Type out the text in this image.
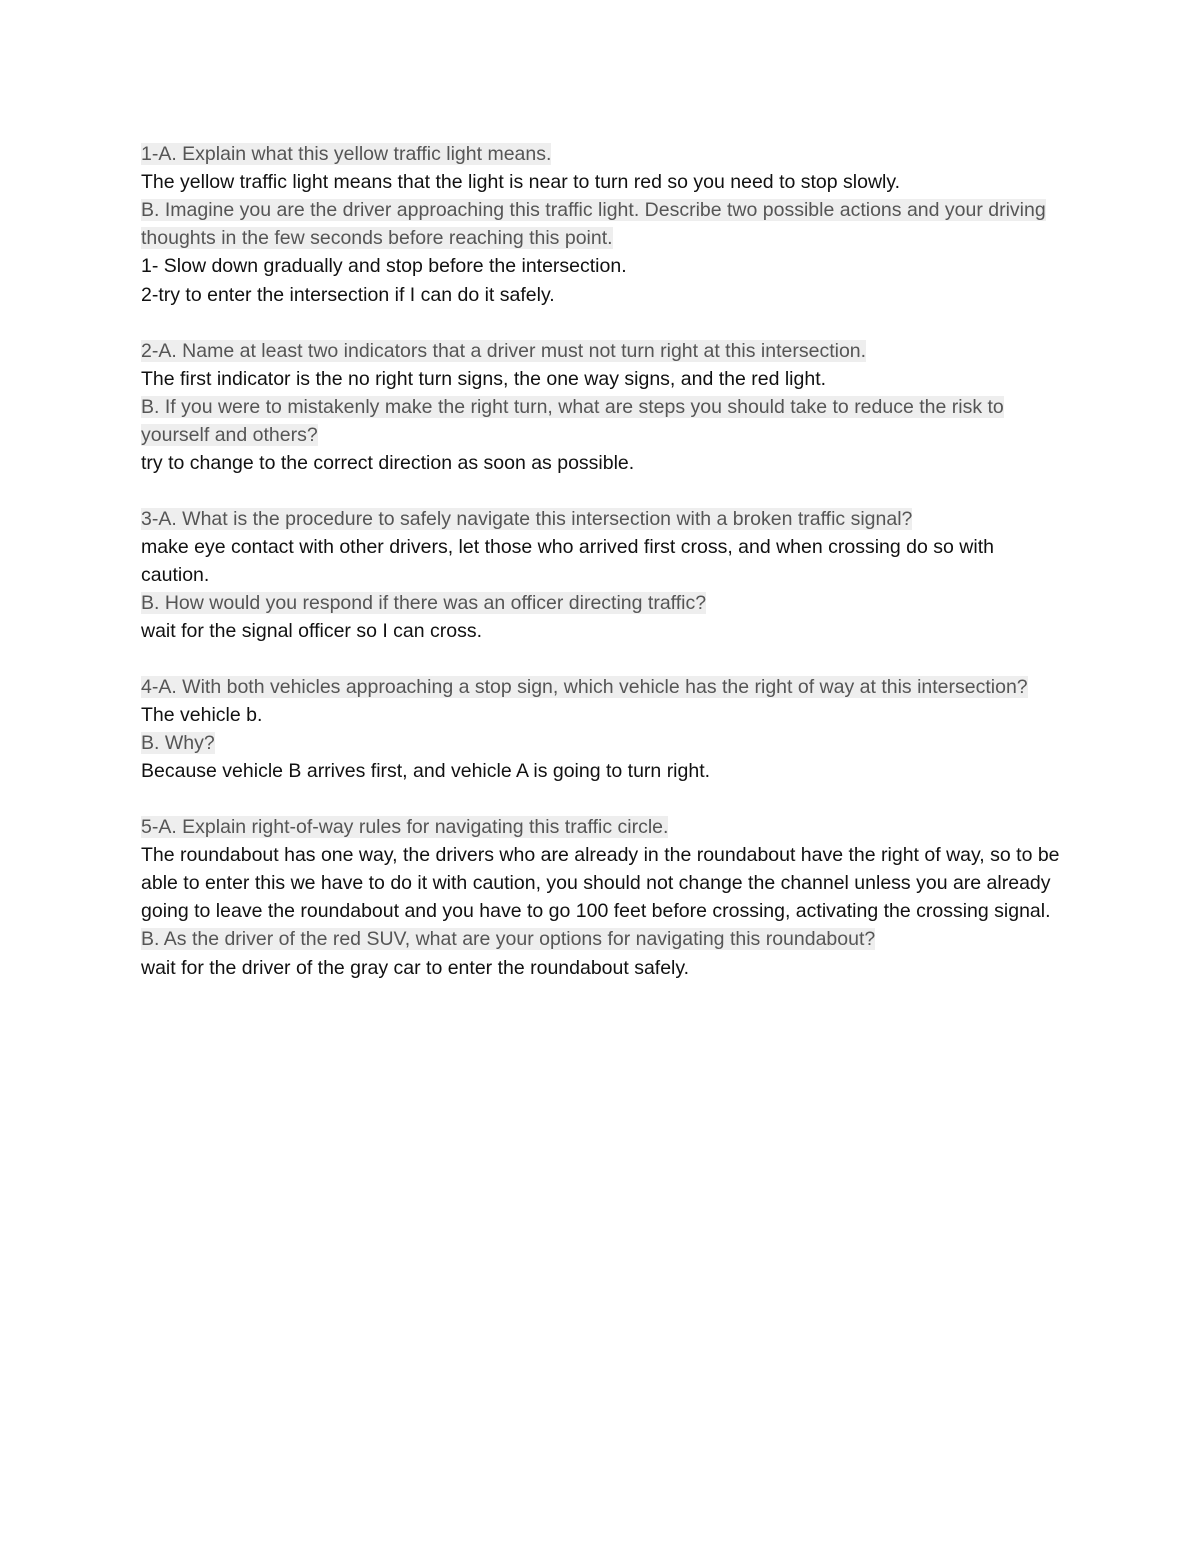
1-A. Explain what this yellow traffic light means.
The yellow traffic light means that the light is near to turn red so you need to stop slowly.
B. Imagine you are the driver approaching this traffic light. Describe two possible actions and your driving thoughts in the few seconds before reaching this point.
1- Slow down gradually and stop before the intersection.
2-try to enter the intersection if I can do it safely.
2-A. Name at least two indicators that a driver must not turn right at this intersection.
The first indicator is the no right turn signs, the one way signs, and the red light.
B. If you were to mistakenly make the right turn, what are steps you should take to reduce the risk to yourself and others?
try to change to the correct direction as soon as possible.
3-A. What is the procedure to safely navigate this intersection with a broken traffic signal?
make eye contact with other drivers, let those who arrived first cross, and when crossing do so with caution.
B. How would you respond if there was an officer directing traffic?
wait for the signal officer so I can cross.
4-A. With both vehicles approaching a stop sign, which vehicle has the right of way at this intersection?
The vehicle b.
B. Why?
Because vehicle B arrives first, and vehicle A is going to turn right.
5-A. Explain right-of-way rules for navigating this traffic circle.
The roundabout has one way, the drivers who are already in the roundabout have the right of way, so to be able to enter this we have to do it with caution, you should not change the channel unless you are already going to leave the roundabout and you have to go 100 feet before crossing, activating the crossing signal.
B. As the driver of the red SUV, what are your options for navigating this roundabout?
wait for the driver of the gray car to enter the roundabout safely.
